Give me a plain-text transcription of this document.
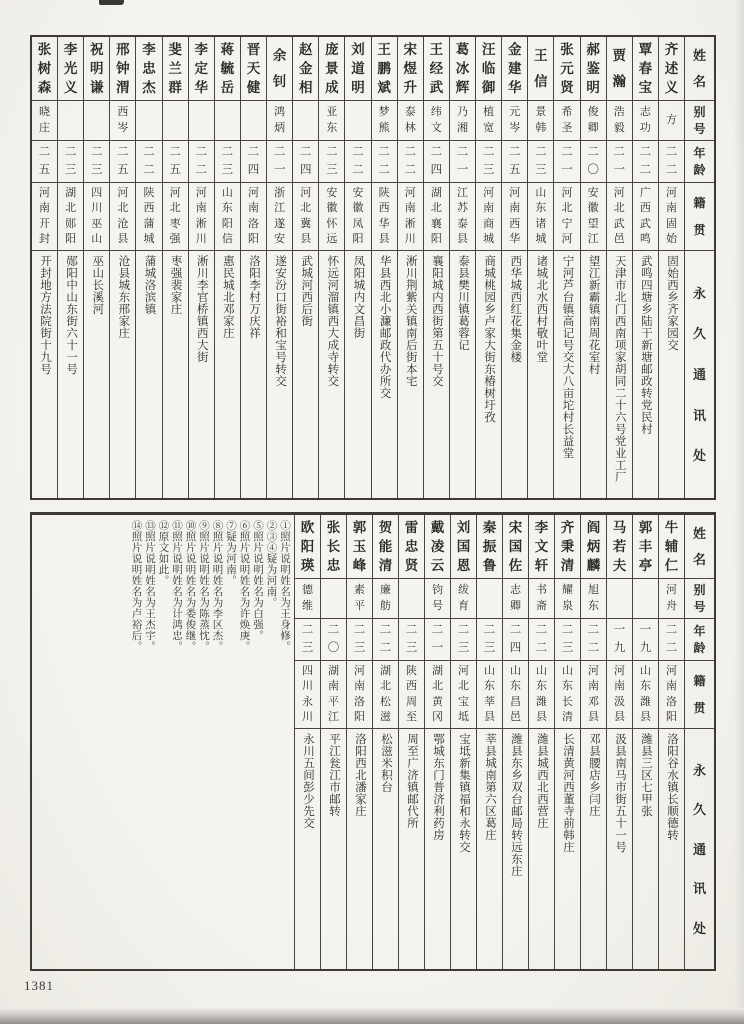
姓
名
别
号
年
龄
籍
贯
永
久
通
讯
处
齐
述
义
方
二
二
河
南
固
始
固始西乡齐家园交
覃
春
宝
志
功
二
二
广
西
武
鸣
武鸣四塘乡陆干新塘邮政转党民村
贾
瀚
浩
毅
二
一
河
北
武
邑
天津市北门西南项家胡同二十六号党业工厂
郝
鉴
明
俊
卿
二
〇
安
徽
望
江
望江新霸镇南周花室村
张
元
贤
希
圣
二
一
河
北
宁
河
宁河芦台镇高记号交大八亩坨村长益堂
王
信
景
韩
二
三
山
东
诸
城
诸城北水西村敬叶堂
金
建
华
元
岑
二
五
河
南
西
华
西华城西红花集金楼
汪
临
御
植
宽
二
三
河
南
商
城
商城桃园乡卢家大街东椿树圩孜
葛
冰
辉
乃
湘
二
一
江
苏
泰
县
泰县樊川镇葛蓉记
王
经
武
纬
文
二
四
湖
北
襄
阳
襄阳城内西街第五十号交
宋
煜
升
泰
林
二
二
河
南
淅
川
淅川荆紫关镇南后街本宅
王
鹏
斌
梦
熊
二
二
陕
西
华
县
华县西北小濂邮政代办所交
刘
道
明
二
二
安
徽
凤
阳
凤阳城内文昌街
庞
景
成
亚
东
二
三
安
徽
怀
远
怀远河溜镇西大成寺转交
赵
金
相
二
四
河
北
冀
县
武城河西后街
余
钊
鸿
炳
二
一
浙
江
遂
安
遂安汾口街裕和宝号转交
晋
天
健
二
四
河
南
洛
阳
洛阳李村万庆祥
蒋
毓
岳
二
三
山
东
阳
信
惠民城北邓家庄
李
定
华
二
二
河
南
淅
川
淅川李官桥镇西大街
斐
兰
群
二
五
河
北
枣
强
枣强裴家庄
李
忠
杰
二
二
陕
西
蒲
城
蒲城洛滨镇
邢
钟
渭
西
岑
二
五
河
北
沧
县
沧县城东邢家庄
祝
明
谦
二
三
四
川
巫
山
巫山长溪河
李
光
义
二
三
湖
北
郧
阳
郧阳中山东街六十一号
张
树
森
晓
庄
二
五
河
南
开
封
开封地方法院街十九号
姓
名
别
号
年
龄
籍
贯
永
久
通
讯
处
牛
辅
仁
河
舟
二
二
河
南
洛
阳
洛阳谷水镇长顺德转
郭
丰
亭
一
九
山
东
潍
县
潍县三区七甲张
马
若
夫
一
九
河
南
汲
县
汲县南马市街五十一号
阎
炳
麟
旭
东
二
二
河
南
邓
县
邓县腰店乡闫庄
齐
秉
清
耀
泉
二
三
山
东
长
清
长清黄河西董寺前韩庄
李
文
轩
书
斋
二
二
山
东
潍
县
潍县城西北西营庄
宋
国
佐
志
卿
二
四
山
东
昌
邑
潍县东乡双台邮局转远东庄
秦
振
鲁
二
三
山
东
莘
县
莘县城南第六区葛庄
刘
国
恩
绂
育
二
三
河
北
宝
坻
宝坻新集镇福和永转交
戴
凌
云
钧
号
二
一
湖
北
黄
冈
鄂城东门普济利药房
雷
忠
贤
二
三
陕
西
周
至
周至广济镇邮代所
贺
能
清
廉
舫
二
二
湖
北
松
滋
松滋米积台
郭
玉
峰
素
平
二
三
河
南
洛
阳
洛阳西北潘家庄
张
长
忠
二
〇
湖
南
平
江
平江瓮江市邮转
欧
阳
瑛
德
维
二
三
四
川
永
川
永川五间彭少先交
①照片说明姓名为王身修。
②③④疑为河南。
⑤照片说明姓名为白强。
⑥照片说明姓名为许焕庚。
⑦疑为河南。
⑧照片说明姓名为李区杰。
⑨照片说明姓名为陈蒸忱。
⑩照片说明姓名为娄俊继。
⑪照片说明姓名为计鸿忠。
⑫原文如此。
⑬照片说明姓名为王杰宇。
⑭照片说明姓名为卢裕后。
1381
